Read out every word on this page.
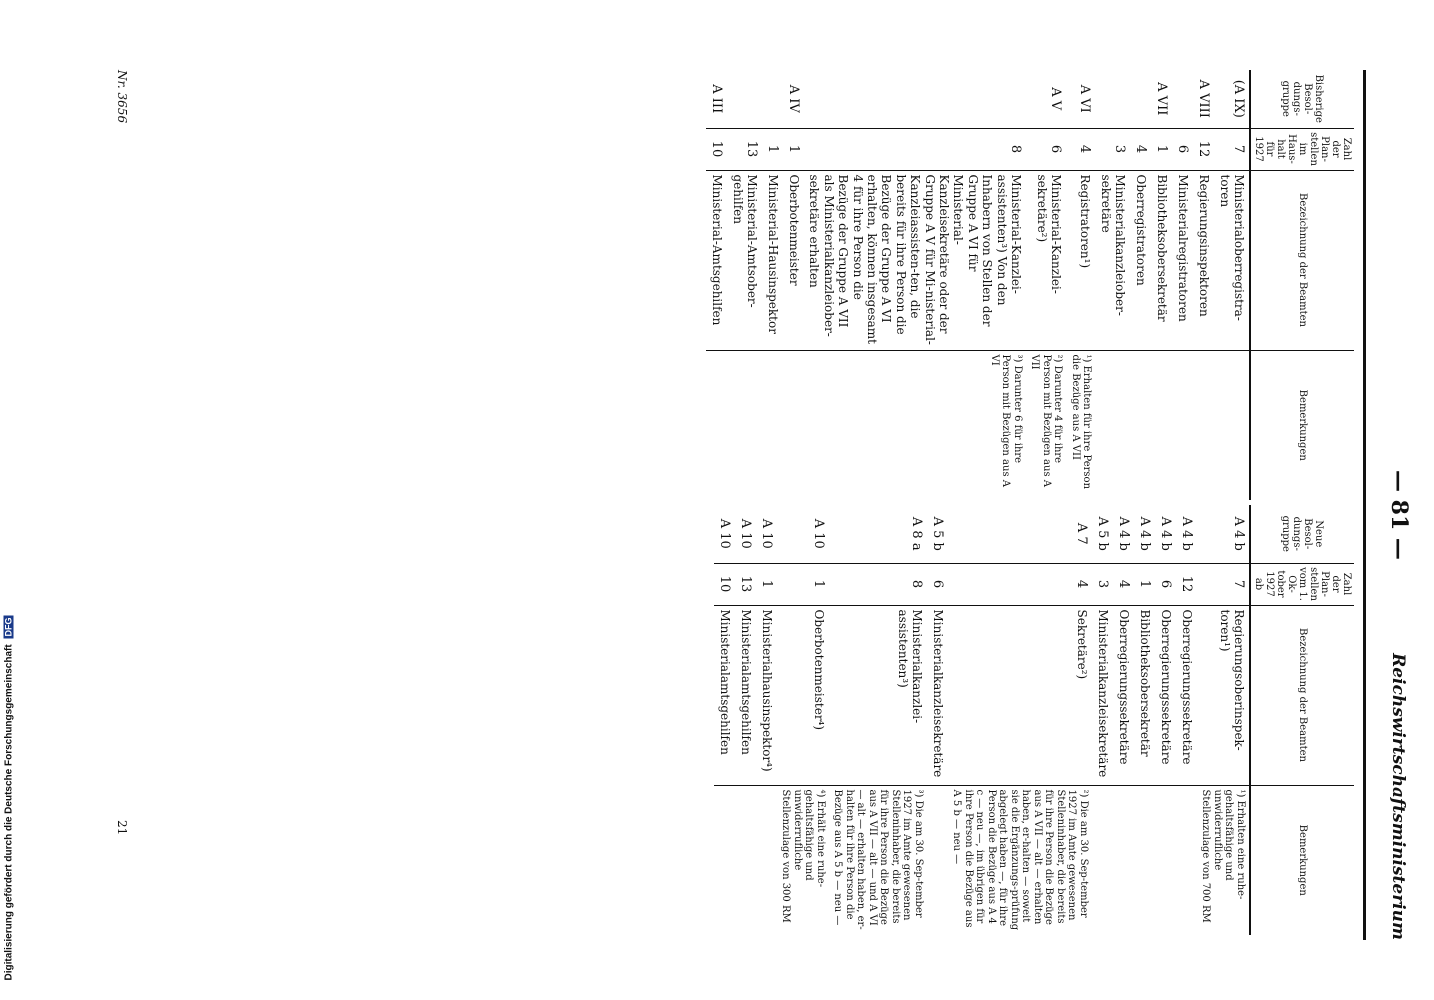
— 81 —
Reichswirtschaftsministerium
Bisherige Besol-dungs-gruppe	Zahl der Plan-stellen im Haus-halt für 1927	Bezeichnung der Beamten	Bemerkungen
(A IX)	7	Ministerialoberregistra-toren	
A VIII	12	Regierungsinspektoren	
	6	Ministerialregistratoren	
A VII	1	Bibliotheksobersekretär	
	4	Oberregistratoren	
	3	Ministerialkanzleiober-sekretäre	
A VI	4	Registratoren¹)	¹) Erhalten für ihre Person die Bezüge aus A VII
A V	6	Ministerial-Kanzlei-sekretäre²)	²) Darunter 4 für ihre Person mit Bezügen aus A VII
	8	Ministerial-Kanzlei-assistenten³) Von den Inhabern von Stellen der Gruppe A VI für Ministerial-Kanzleisekretäre oder der Gruppe A V für Mi-nisterial-Kanzleiassisten-ten, die bereits für ihre Person die Bezüge der Gruppe A VI erhalten, können insgesamt 4 für ihre Person die Bezüge der Gruppe A VII als Ministerialkanzleiober-sekretäre erhalten	³) Darunter 6 für ihre Person mit Bezügen aus A VI
A IV	1	Oberbotenmeister	
	1	Ministerial-Hausinspektor	
	13	Ministerial-Amtsober-gehilfen	
A III	10	Ministerial-Amtsgehilfen	
Neue Besol-dungs-gruppe	Zahl der Plan-stellen vom 1. Ok-tober 1927 ab	Bezeichnung der Beamten	Bemerkungen
A 4 b	7	Regierungsoberinspek-toren¹)	¹) Erhalten eine ruhe-gehaltsfähige und unwiderrufliche Stellenzulage von 700 RM
A 4 b	12	Oberregierungssekretäre	
A 4 b	6	Oberregierungssekretäre	
A 4 b	1	Bibliotheksobersekretär	
A 4 b	4	Oberregierungssekretäre	
A 5 b	3	Ministerialkanzleisekretäre	
A 7	4	Sekretäre²)	²) Die am 30. Sep-tember 1927 im Amte gewesenen Stelleninhaber, die bereits für ihre Person die Bezüge aus A VII — alt — erhalten haben, er-halten — soweit sie die Ergänzungs-prüfung abgelegt haben —, für ihre Person die Bezüge aus A 4 c — neu —, im übrigen für ihre Person die Bezüge aus A 5 b — neu —
A 5 b	6	Ministerialkanzleisekretäre	
A 8 a	8	Ministerialkanzlei-assistenten³)	³) Die am 30. Sep-tember 1927 im Amte gewesenen Stelleninhaber, die bereits für ihre Person die Bezüge aus A VII — alt — und A VI — alt — erhalten haben, er-halten für ihre Person die Bezüge aus A 5 b — neu —
A 10	1	Oberbotenmeister⁴)	⁴) Erhält eine ruhe-gehaltsfähige und unwiderrufliche Stellenzulage von 300 RM
A 10	1	Ministerialhausinspektor⁴)	
A 10	13	Ministerialamtsgehilfen	
A 10	10	Ministerialamtsgehilfen	
Nr. 3656
21
Digitalisierung gefördert durch die Deutsche Forschungsgemeinschaft DFG
